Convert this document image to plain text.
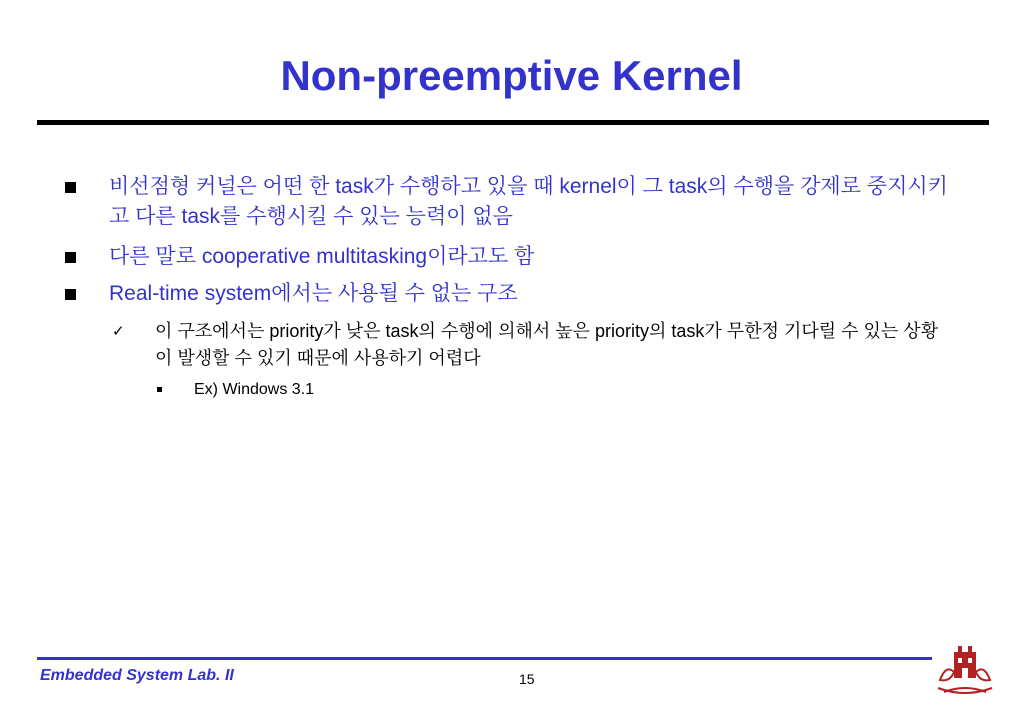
Non-preemptive Kernel
비선점형 커널은 어떤 한 task가 수행하고 있을 때 kernel이 그 task의 수행을 강제로 중지시키고 다른 task를 수행시킬 수 있는 능력이 없음
다른 말로 cooperative multitasking이라고도 함
Real-time system에서는 사용될 수 없는 구조
✓ 이 구조에서는 priority가 낮은 task의 수행에 의해서 높은 priority의 task가 무한정 기다릴 수 있는 상황이 발생할 수 있기 때문에 사용하기 어렵다
Ex) Windows 3.1
Embedded System Lab. II	15
